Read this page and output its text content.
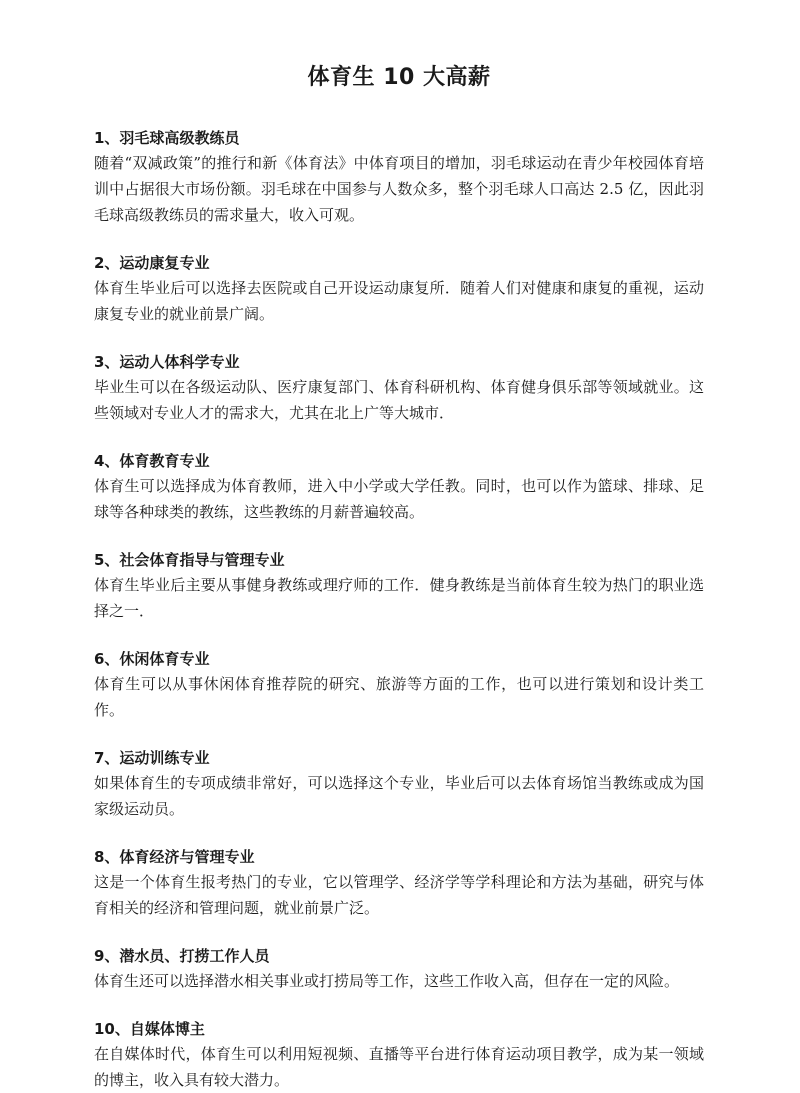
体育生 10 大高薪

1、羽毛球高级教练员

随着“双减政策”的推行和新《体育法》中体育项目的增加，羽毛球运动在青少年校园体育培训中占据很大市场份额。羽毛球在中国参与人数众多，整个羽毛球人口高达 2.5 亿，因此羽毛球高级教练员的需求量大，收入可观。

2、运动康复专业

体育生毕业后可以选择去医院或自己开设运动康复所．随着人们对健康和康复的重视，运动康复专业的就业前景广阔。

3、运动人体科学专业

毕业生可以在各级运动队、医疗康复部门、体育科研机构、体育健身俱乐部等领域就业。这些领域对专业人才的需求大，尤其在北上广等大城市．

4、体育教育专业

体育生可以选择成为体育教师，进入中小学或大学任教。同时，也可以作为篮球、排球、足球等各种球类的教练，这些教练的月薪普遍较高。

5、社会体育指导与管理专业

体育生毕业后主要从事健身教练或理疗师的工作．健身教练是当前体育生较为热门的职业选择之一．

6、休闲体育专业

体育生可以从事休闲体育推荐院的研究、旅游等方面的工作，也可以进行策划和设计类工作。

7、运动训练专业

如果体育生的专项成绩非常好，可以选择这个专业，毕业后可以去体育场馆当教练或成为国家级运动员。

8、体育经济与管理专业

这是一个体育生报考热门的专业，它以管理学、经济学等学科理论和方法为基础，研究与体育相关的经济和管理问题，就业前景广泛。

9、潜水员、打捞工作人员

体育生还可以选择潜水相关事业或打捞局等工作，这些工作收入高，但存在一定的风险。

10、自媒体博主

在自媒体时代，体育生可以利用短视频、直播等平台进行体育运动项目教学，成为某一领域的博主，收入具有较大潜力。
